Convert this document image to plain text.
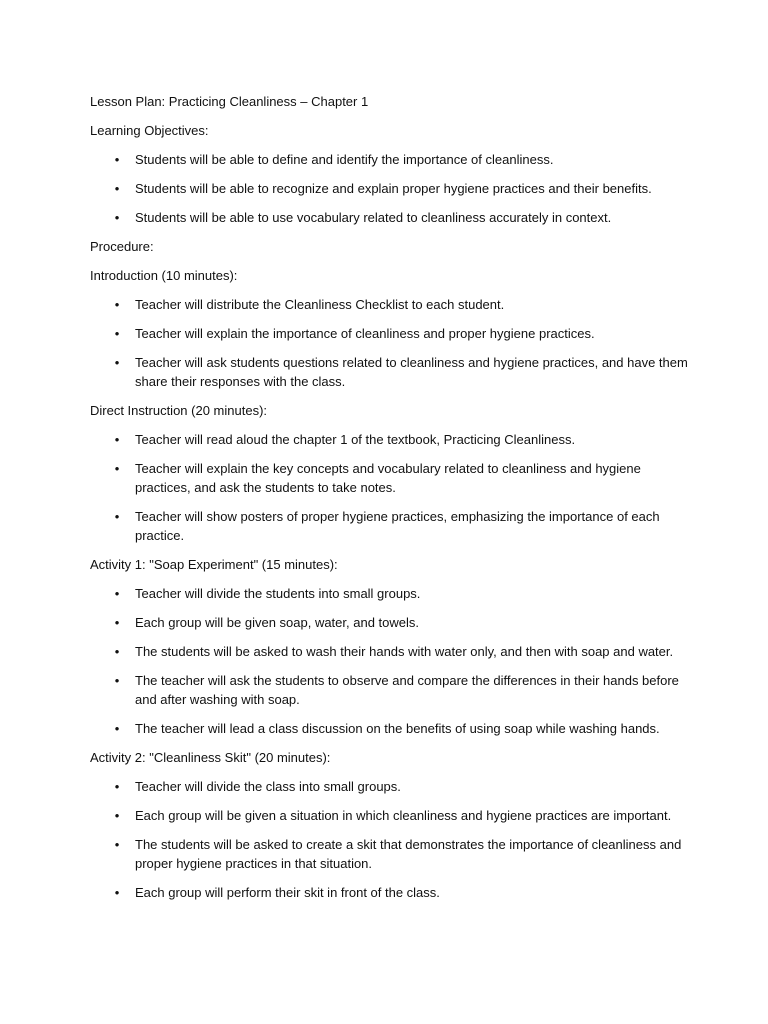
Lesson Plan: Practicing Cleanliness – Chapter 1

Learning Objectives:

• Students will be able to define and identify the importance of cleanliness.
• Students will be able to recognize and explain proper hygiene practices and their benefits.
• Students will be able to use vocabulary related to cleanliness accurately in context.

Procedure:

Introduction (10 minutes):

• Teacher will distribute the Cleanliness Checklist to each student.
• Teacher will explain the importance of cleanliness and proper hygiene practices.
• Teacher will ask students questions related to cleanliness and hygiene practices, and have them share their responses with the class.

Direct Instruction (20 minutes):

• Teacher will read aloud the chapter 1 of the textbook, Practicing Cleanliness.
• Teacher will explain the key concepts and vocabulary related to cleanliness and hygiene practices, and ask the students to take notes.
• Teacher will show posters of proper hygiene practices, emphasizing the importance of each practice.

Activity 1: "Soap Experiment" (15 minutes):

• Teacher will divide the students into small groups.
• Each group will be given soap, water, and towels.
• The students will be asked to wash their hands with water only, and then with soap and water.
• The teacher will ask the students to observe and compare the differences in their hands before and after washing with soap.
• The teacher will lead a class discussion on the benefits of using soap while washing hands.

Activity 2: "Cleanliness Skit" (20 minutes):

• Teacher will divide the class into small groups.
• Each group will be given a situation in which cleanliness and hygiene practices are important.
• The students will be asked to create a skit that demonstrates the importance of cleanliness and proper hygiene practices in that situation.
• Each group will perform their skit in front of the class.
